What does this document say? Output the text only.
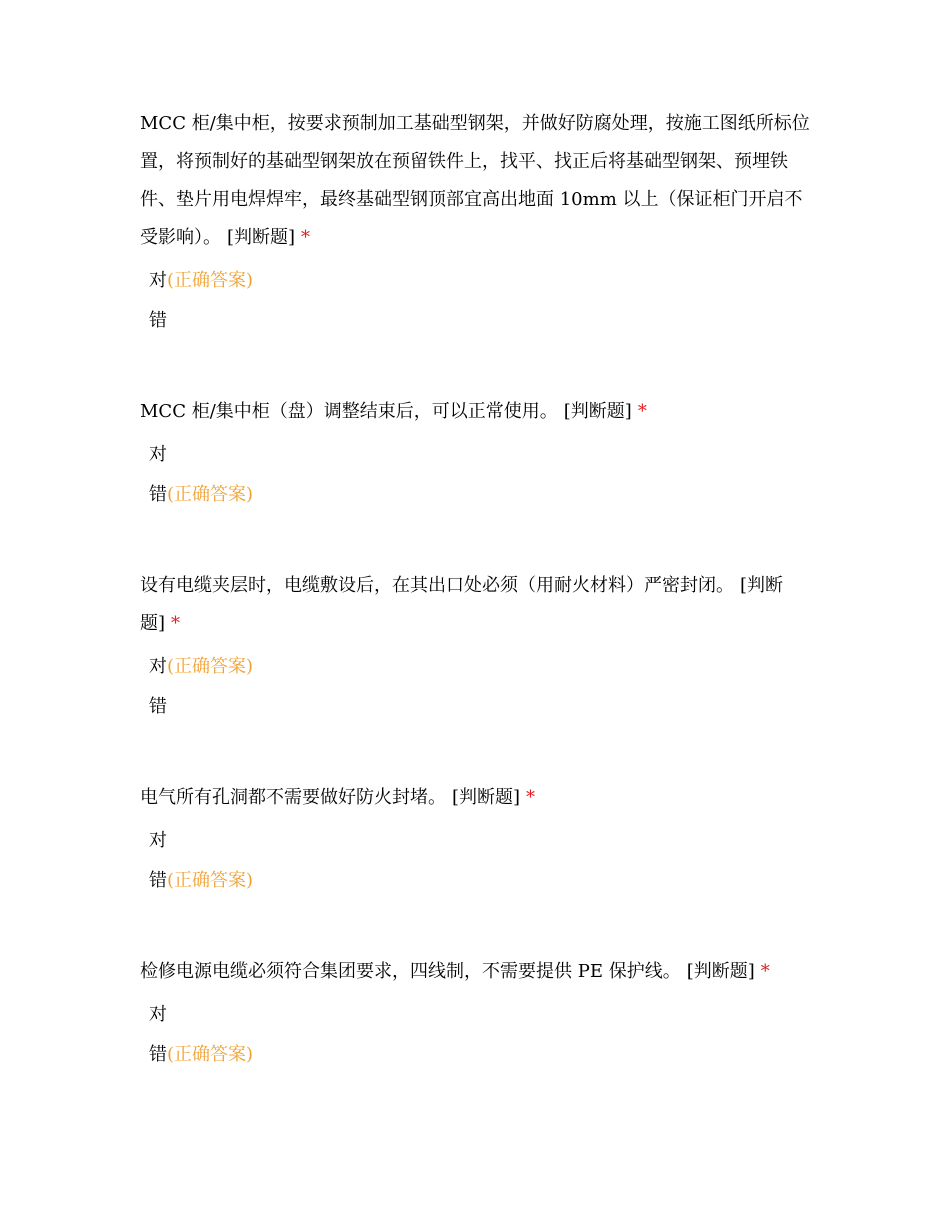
MCC 柜/集中柜，按要求预制加工基础型钢架，并做好防腐处理，按施工图纸所标位置，将预制好的基础型钢架放在预留铁件上，找平、找正后将基础型钢架、预埋铁件、垫片用电焊焊牢，最终基础型钢顶部宜高出地面 10mm 以上（保证柜门开启不受影响）。 [判断题] *

对(正确答案)
错

MCC 柜/集中柜（盘）调整结束后，可以正常使用。 [判断题] *

对
错(正确答案)

设有电缆夹层时，电缆敷设后，在其出口处必须（用耐火材料）严密封闭。 [判断题] *

对(正确答案)
错

电气所有孔洞都不需要做好防火封堵。 [判断题] *

对
错(正确答案)

检修电源电缆必须符合集团要求，四线制，不需要提供 PE 保护线。 [判断题] *

对
错(正确答案)
